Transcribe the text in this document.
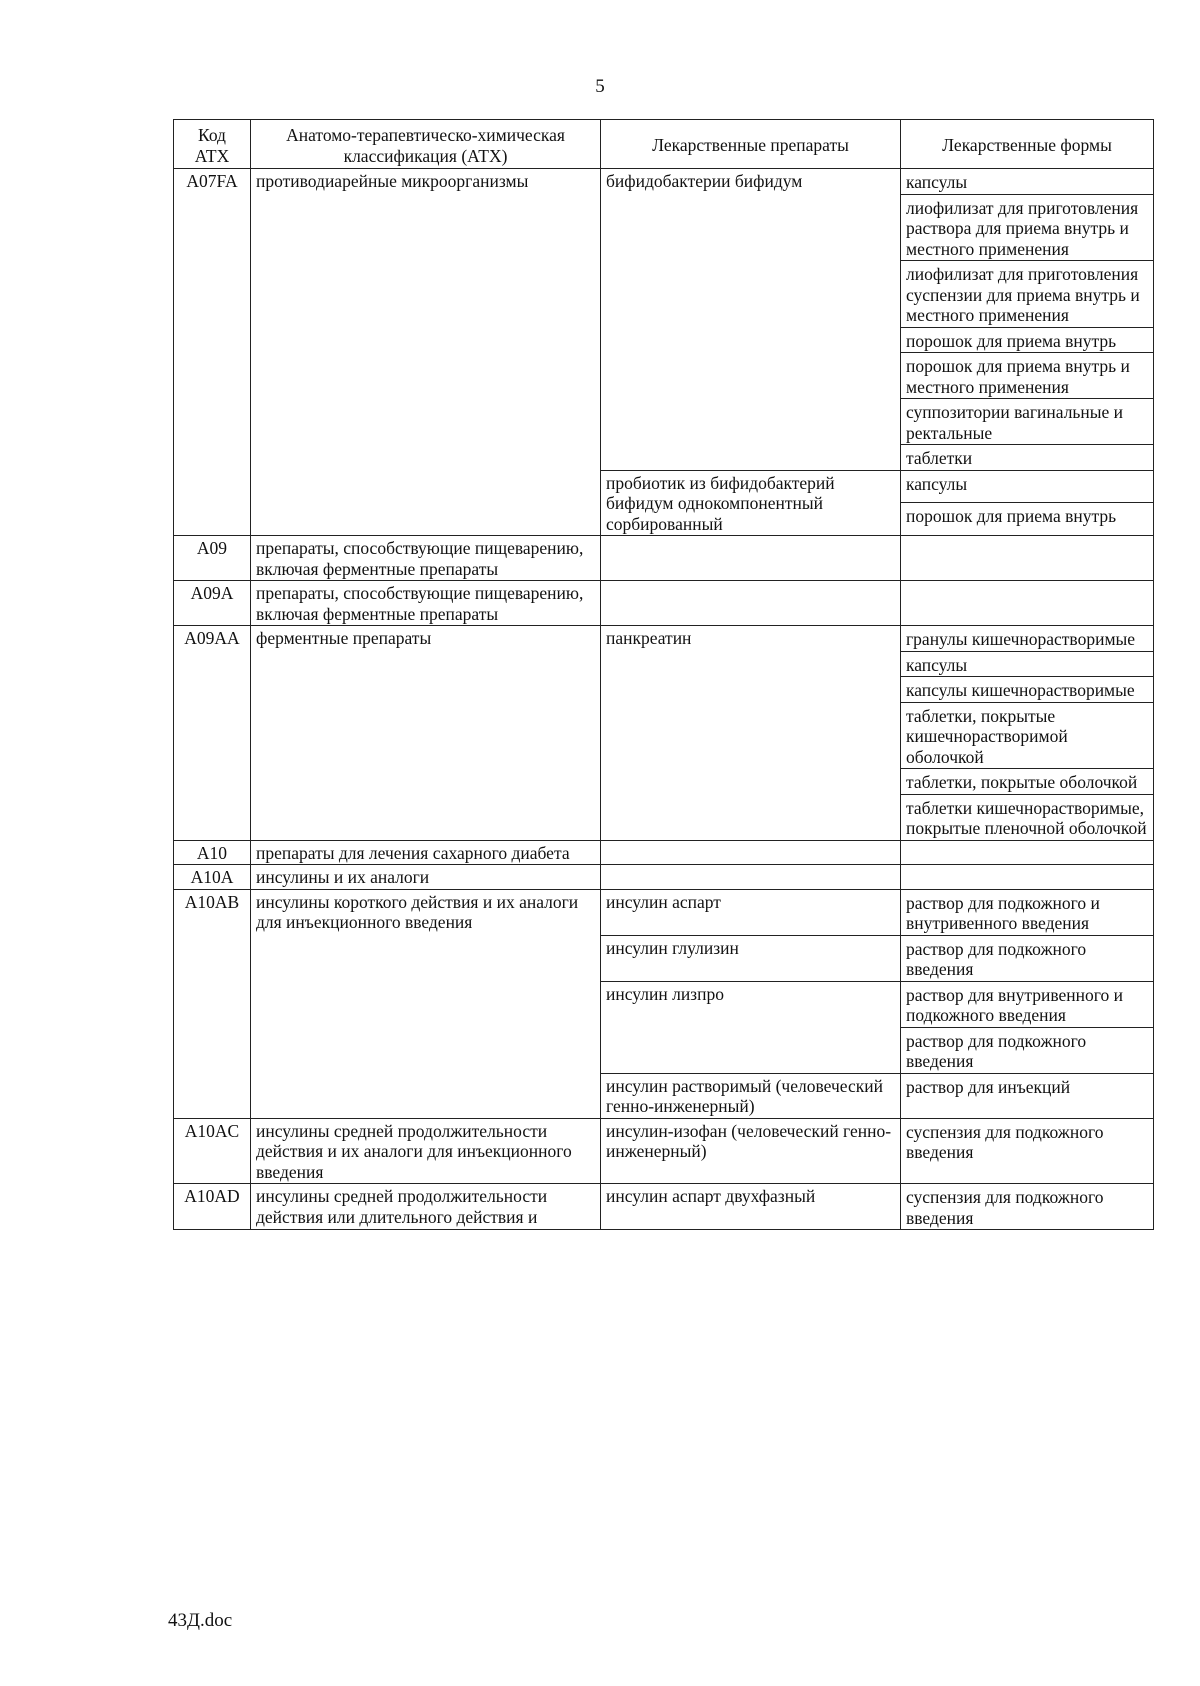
5
Код АТХ	Анатомо-терапевтическо-химическая классификация (АТХ)	Лекарственные препараты	Лекарственные формы
A07FA	противодиарейные микроорганизмы	бифидобактерии бифидум	капсулы
			лиофилизат для приготовления раствора для приема внутрь и местного применения
			лиофилизат для приготовления суспензии для приема внутрь и местного применения
			порошок для приема внутрь
			порошок для приема внутрь и местного применения
			суппозитории вагинальные и ректальные
			таблетки
		пробиотик из бифидобактерий бифидум однокомпонентный сорбированный	капсулы
			порошок для приема внутрь
A09	препараты, способствующие пищеварению, включая ферментные препараты		
A09A	препараты, способствующие пищеварению, включая ферментные препараты		
A09AA	ферментные препараты	панкреатин	гранулы кишечнорастворимые
			капсулы
			капсулы кишечнорастворимые
			таблетки, покрытые кишечнорастворимой оболочкой
			таблетки, покрытые оболочкой
			таблетки кишечнорастворимые, покрытые пленочной оболочкой
A10	препараты для лечения сахарного диабета		
A10A	инсулины и их аналоги		
A10AB	инсулины короткого действия и их аналоги для инъекционного введения	инсулин аспарт	раствор для подкожного и внутривенного введения
		инсулин глулизин	раствор для подкожного введения
		инсулин лизпро	раствор для внутривенного и подкожного введения
			раствор для подкожного введения
		инсулин растворимый (человеческий генно-инженерный)	раствор для инъекций
A10AC	инсулины средней продолжительности действия и их аналоги для инъекционного введения	инсулин-изофан (человеческий генно-инженерный)	суспензия для подкожного введения
A10AD	инсулины средней продолжительности действия или длительного действия и	инсулин аспарт двухфазный	суспензия для подкожного введения
43Д.doc
